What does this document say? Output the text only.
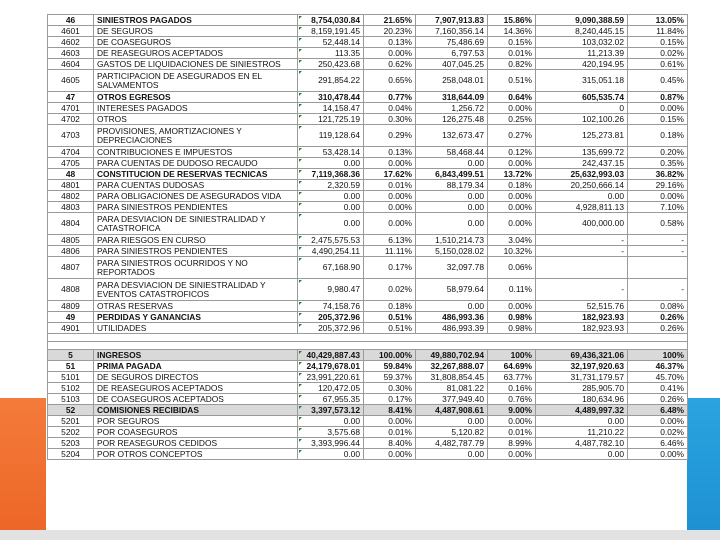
46	SINIESTROS PAGADOS	8,754,030.84	21.65%	7,907,913.83	15.86%	9,090,388.59	13.05%
4601	DE SEGUROS	8,159,191.45	20.23%	7,160,356.14	14.36%	8,240,445.15	11.84%
4602	DE COASEGUROS	52,448.14	0.13%	75,486.69	0.15%	103,032.02	0.15%
4603	DE REASEGUROS ACEPTADOS	113.35	0.00%	6,797.53	0.01%	11,213.39	0.02%
4604	GASTOS DE LIQUIDACIONES DE SINIESTROS	250,423.68	0.62%	407,045.25	0.82%	420,194.95	0.61%
4605	PARTICIPACION DE ASEGURADOS EN EL SALVAMENTOS	291,854.22	0.65%	258,048.01	0.51%	315,051.18	0.45%
47	OTROS EGRESOS	310,478.44	0.77%	318,644.09	0.64%	605,535.74	0.87%
4701	INTERESES PAGADOS	14,158.47	0.04%	1,256.72	0.00%	0	0.00%
4702	OTROS	121,725.19	0.30%	126,275.48	0.25%	102,100.26	0.15%
4703	PROVISIONES, AMORTIZACIONES Y DEPRECIACIONES	119,128.64	0.29%	132,673.47	0.27%	125,273.81	0.18%
4704	CONTRIBUCIONES E IMPUESTOS	53,428.14	0.13%	58,468.44	0.12%	135,699.72	0.20%
4705	PARA CUENTAS DE DUDOSO RECAUDO	0.00	0.00%	0.00	0.00%	242,437.15	0.35%
48	CONSTITUCION DE RESERVAS TECNICAS	7,119,368.36	17.62%	6,843,499.51	13.72%	25,632,993.03	36.82%
4801	PARA CUENTAS DUDOSAS	2,320.59	0.01%	88,179.34	0.18%	20,250,666.14	29.16%
4802	PARA OBLIGACIONES DE ASEGURADOS VIDA	0.00	0.00%	0.00	0.00%	0.00	0.00%
4803	PARA SINIESTROS PENDIENTES	0.00	0.00%	0.00	0.00%	4,928,811.13	7.10%
4804	PARA DESVIACION DE SINIESTRALIDAD Y CATASTROFICA	0.00	0.00%	0.00	0.00%	400,000.00	0.58%
4805	PARA RIESGOS EN CURSO	2,475,575.53	6.13%	1,510,214.73	3.04%	-	-
4806	PARA SINIESTROS PENDIENTES	4,490,254.11	11.11%	5,150,028.02	10.32%	-	-
4807	PARA SINIESTROS OCURRIDOS Y NO REPORTADOS	67,168.90	0.17%	32,097.78	0.06%		
4808	PARA DESVIACION DE SINIESTRALIDAD Y EVENTOS CATASTROFICOS	9,980.47	0.02%	58,979.64	0.11%	-	-
4809	OTRAS RESERVAS	74,158.76	0.18%	0.00	0.00%	52,515.76	0.08%
49	PERDIDAS Y GANANCIAS	205,372.96	0.51%	486,993.36	0.98%	182,923.93	0.26%
4901	UTILIDADES	205,372.96	0.51%	486,993.39	0.98%	182,923.93	0.26%

5	INGRESOS	40,429,887.43	100.00%	49,880,702.94	100%	69,436,321.06	100%
51	PRIMA PAGADA	24,179,678.01	59.84%	32,267,888.07	64.69%	32,197,920.63	46.37%
5101	DE SEGUROS DIRECTOS	23,991,220.61	59.37%	31,808,854.45	63.77%	31,731,179.57	45.70%
5102	DE REASEGUROS ACEPTADOS	120,472.05	0.30%	81,081.22	0.16%	285,905.70	0.41%
5103	DE COASEGUROS ACEPTADOS	67,955.35	0.17%	377,949.40	0.76%	180,634.96	0.26%
52	COMISIONES RECIBIDAS	3,397,573.12	8.41%	4,487,908.61	9.00%	4,489,997.32	6.48%
5201	POR SEGUROS	0.00	0.00%	0.00	0.00%	0.00	0.00%
5202	POR COASEGUROS	3,575.68	0.01%	5,120.82	0.01%	11,210.22	0.02%
5203	POR REASEGUROS CEDIDOS	3,393,996.44	8.40%	4,482,787.79	8.99%	4,487,782.10	6.46%
5204	POR OTROS CONCEPTOS	0.00	0.00%	0.00	0.00%	0.00	0.00%
